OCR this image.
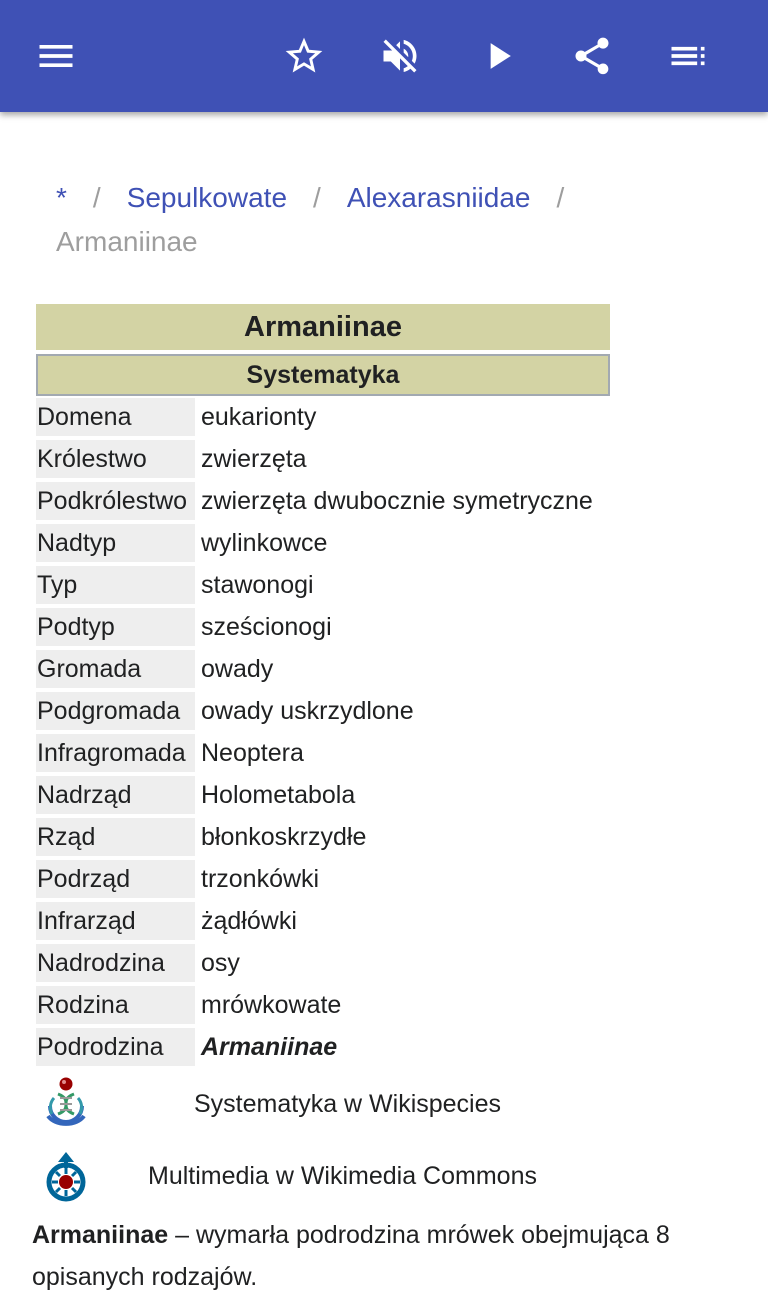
* / Sepulkowate / Alexarasniidae /
Armaniinae
Armaniinae
Systematyka
Domena	eukarionty
Królestwo	zwierzęta
Podkrólestwo zwierzęta dwubocznie symetryczne
Nadtyp	wylinkowce
Typ	stawonogi
Podtyp	sześcionogi
Gromada	owady
Podgromada owady uskrzydlone
Infragromada Neoptera
Nadrząd	Holometabola
Rząd	błonkoskrzydłe
Podrząd	trzonkówki
Infrarząd	żądłówki
Nadrodzina	osy
Rodzina	mrówkowate
Podrodzina	Armaniinae
Systematyka w Wikispecies
Multimedia w Wikimedia Commons
Armaniinae – wymarła podrodzina mrówek obejmująca 8 opisanych rodzajów.
